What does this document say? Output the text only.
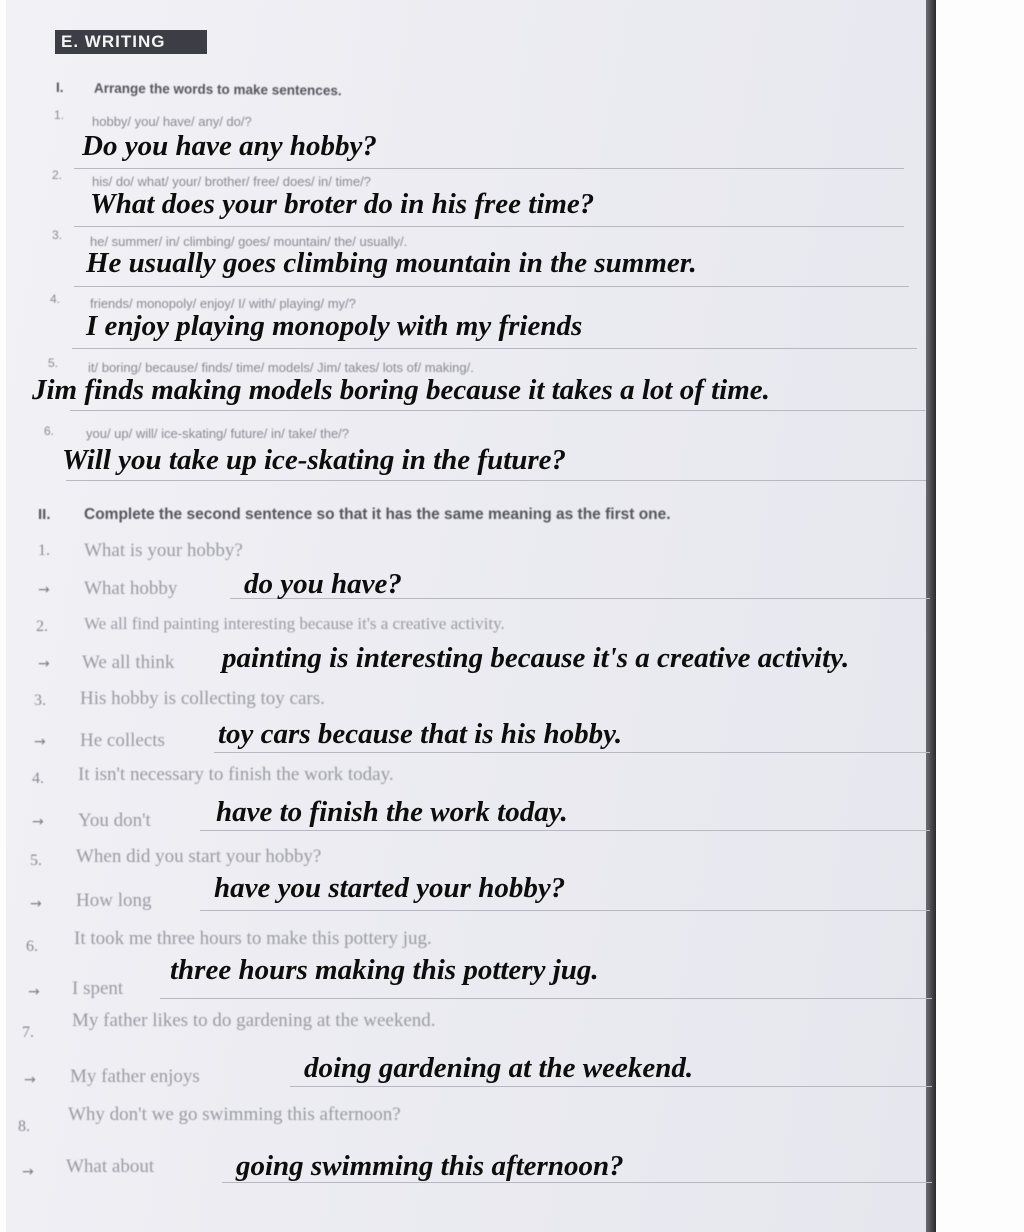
E. WRITING
I. Arrange the words to make sentences.
1. hobby/ you/ have/ any/ do/?
Do you have any hobby?
2. his/ do/ what/ your/ brother/ free/ does/ in/ time/?
What does your broter do in his free time?
3. he/ summer/ in/ climbing/ goes/ mountain/ the/ usually/.
He usually goes climbing mountain in the summer.
4. friends/ monopoly/ enjoy/ I/ with/ playing/ my/?
I enjoy playing monopoly with my friends
5. it/ boring/ because/ finds/ time/ models/ Jim/ takes/ lots of/ making/.
Jim finds making models boring because it takes a lot of time.
6. you/ up/ will/ ice-skating/ future/ in/ take/ the/?
Will you take up ice-skating in the future?
II. Complete the second sentence so that it has the same meaning as the first one.
1. What is your hobby?
→ What hobby do you have?
2. We all find painting interesting because it's a creative activity.
→ We all think painting is interesting because it's a creative activity.
3. His hobby is collecting toy cars.
→ He collects toy cars because that is his hobby.
4. It isn't necessary to finish the work today.
→ You don't have to finish the work today.
5. When did you start your hobby?
→ How long have you started your hobby?
6. It took me three hours to make this pottery jug.
→ I spent
three hours making this pottery jug.
7.
My father likes to do gardening at the weekend.
→ My father enjoys	doing gardening at the weekend.
8.
Why don't we go swimming this afternoon?
→ What about	going swimming this afternoon?
